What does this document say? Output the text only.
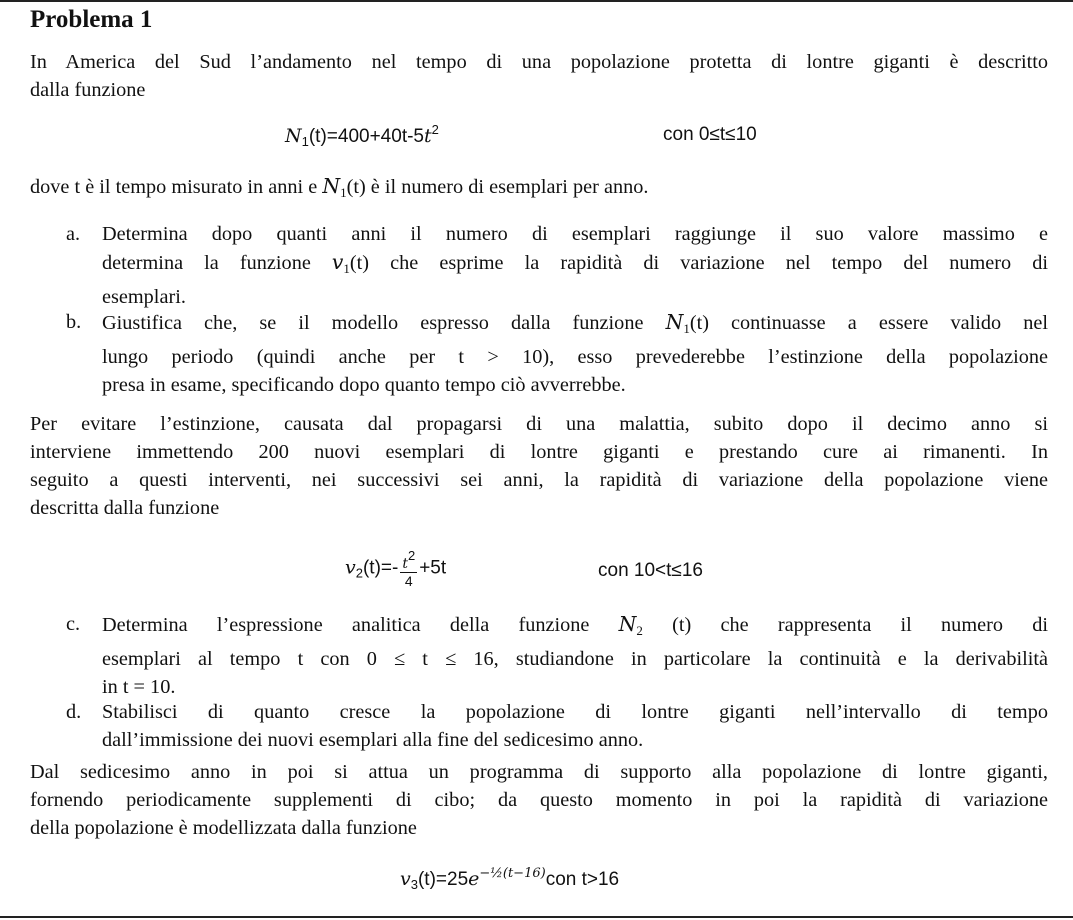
Problema 1
In America del Sud l’andamento nel tempo di una popolazione protetta di lontre giganti è descritto
dalla funzione
$N_1(t)=400+40t-5t^2$	con 0≤t≤10
dove t è il tempo misurato in anni e $N_1(t)$ è il numero di esemplari per anno.
a.	Determina dopo quanti anni il numero di esemplari raggiunge il suo valore massimo e
determina la funzione $v_1(t)$ che esprime la rapidità di variazione nel tempo del numero di
esemplari.
b.	Giustifica che, se il modello espresso dalla funzione $N_1(t)$ continuasse a essere valido nel
lungo periodo (quindi anche per t > 10), esso prevederebbe l’estinzione della popolazione
presa in esame, specificando dopo quanto tempo ciò avverrebbe.
Per evitare l’estinzione, causata dal propagarsi di una malattia, subito dopo il decimo anno si
interviene immettendo 200 nuovi esemplari di lontre giganti e prestando cure ai rimanenti. In
seguito a questi interventi, nei successivi sei anni, la rapidità di variazione della popolazione viene
descritta dalla funzione
$v_2(t)=- \frac{t^2}{4} +5t$	con 10<t≤16
c.	Determina l’espressione analitica della funzione $N_2$ (t) che rappresenta il numero di
esemplari al tempo t con 0 ≤ t ≤ 16, studiandone in particolare la continuità e la derivabilità
in t = 10.
d.	Stabilisci di quanto cresce la popolazione di lontre giganti nell’intervallo di tempo
dall’immissione dei nuovi esemplari alla fine del sedicesimo anno.
Dal sedicesimo anno in poi si attua un programma di supporto alla popolazione di lontre giganti,
fornendo periodicamente supplementi di cibo; da questo momento in poi la rapidità di variazione
della popolazione è modellizzata dalla funzione
$v_3(t)=25e^{-\frac{1}{2}(t-16)}con$ t>16
